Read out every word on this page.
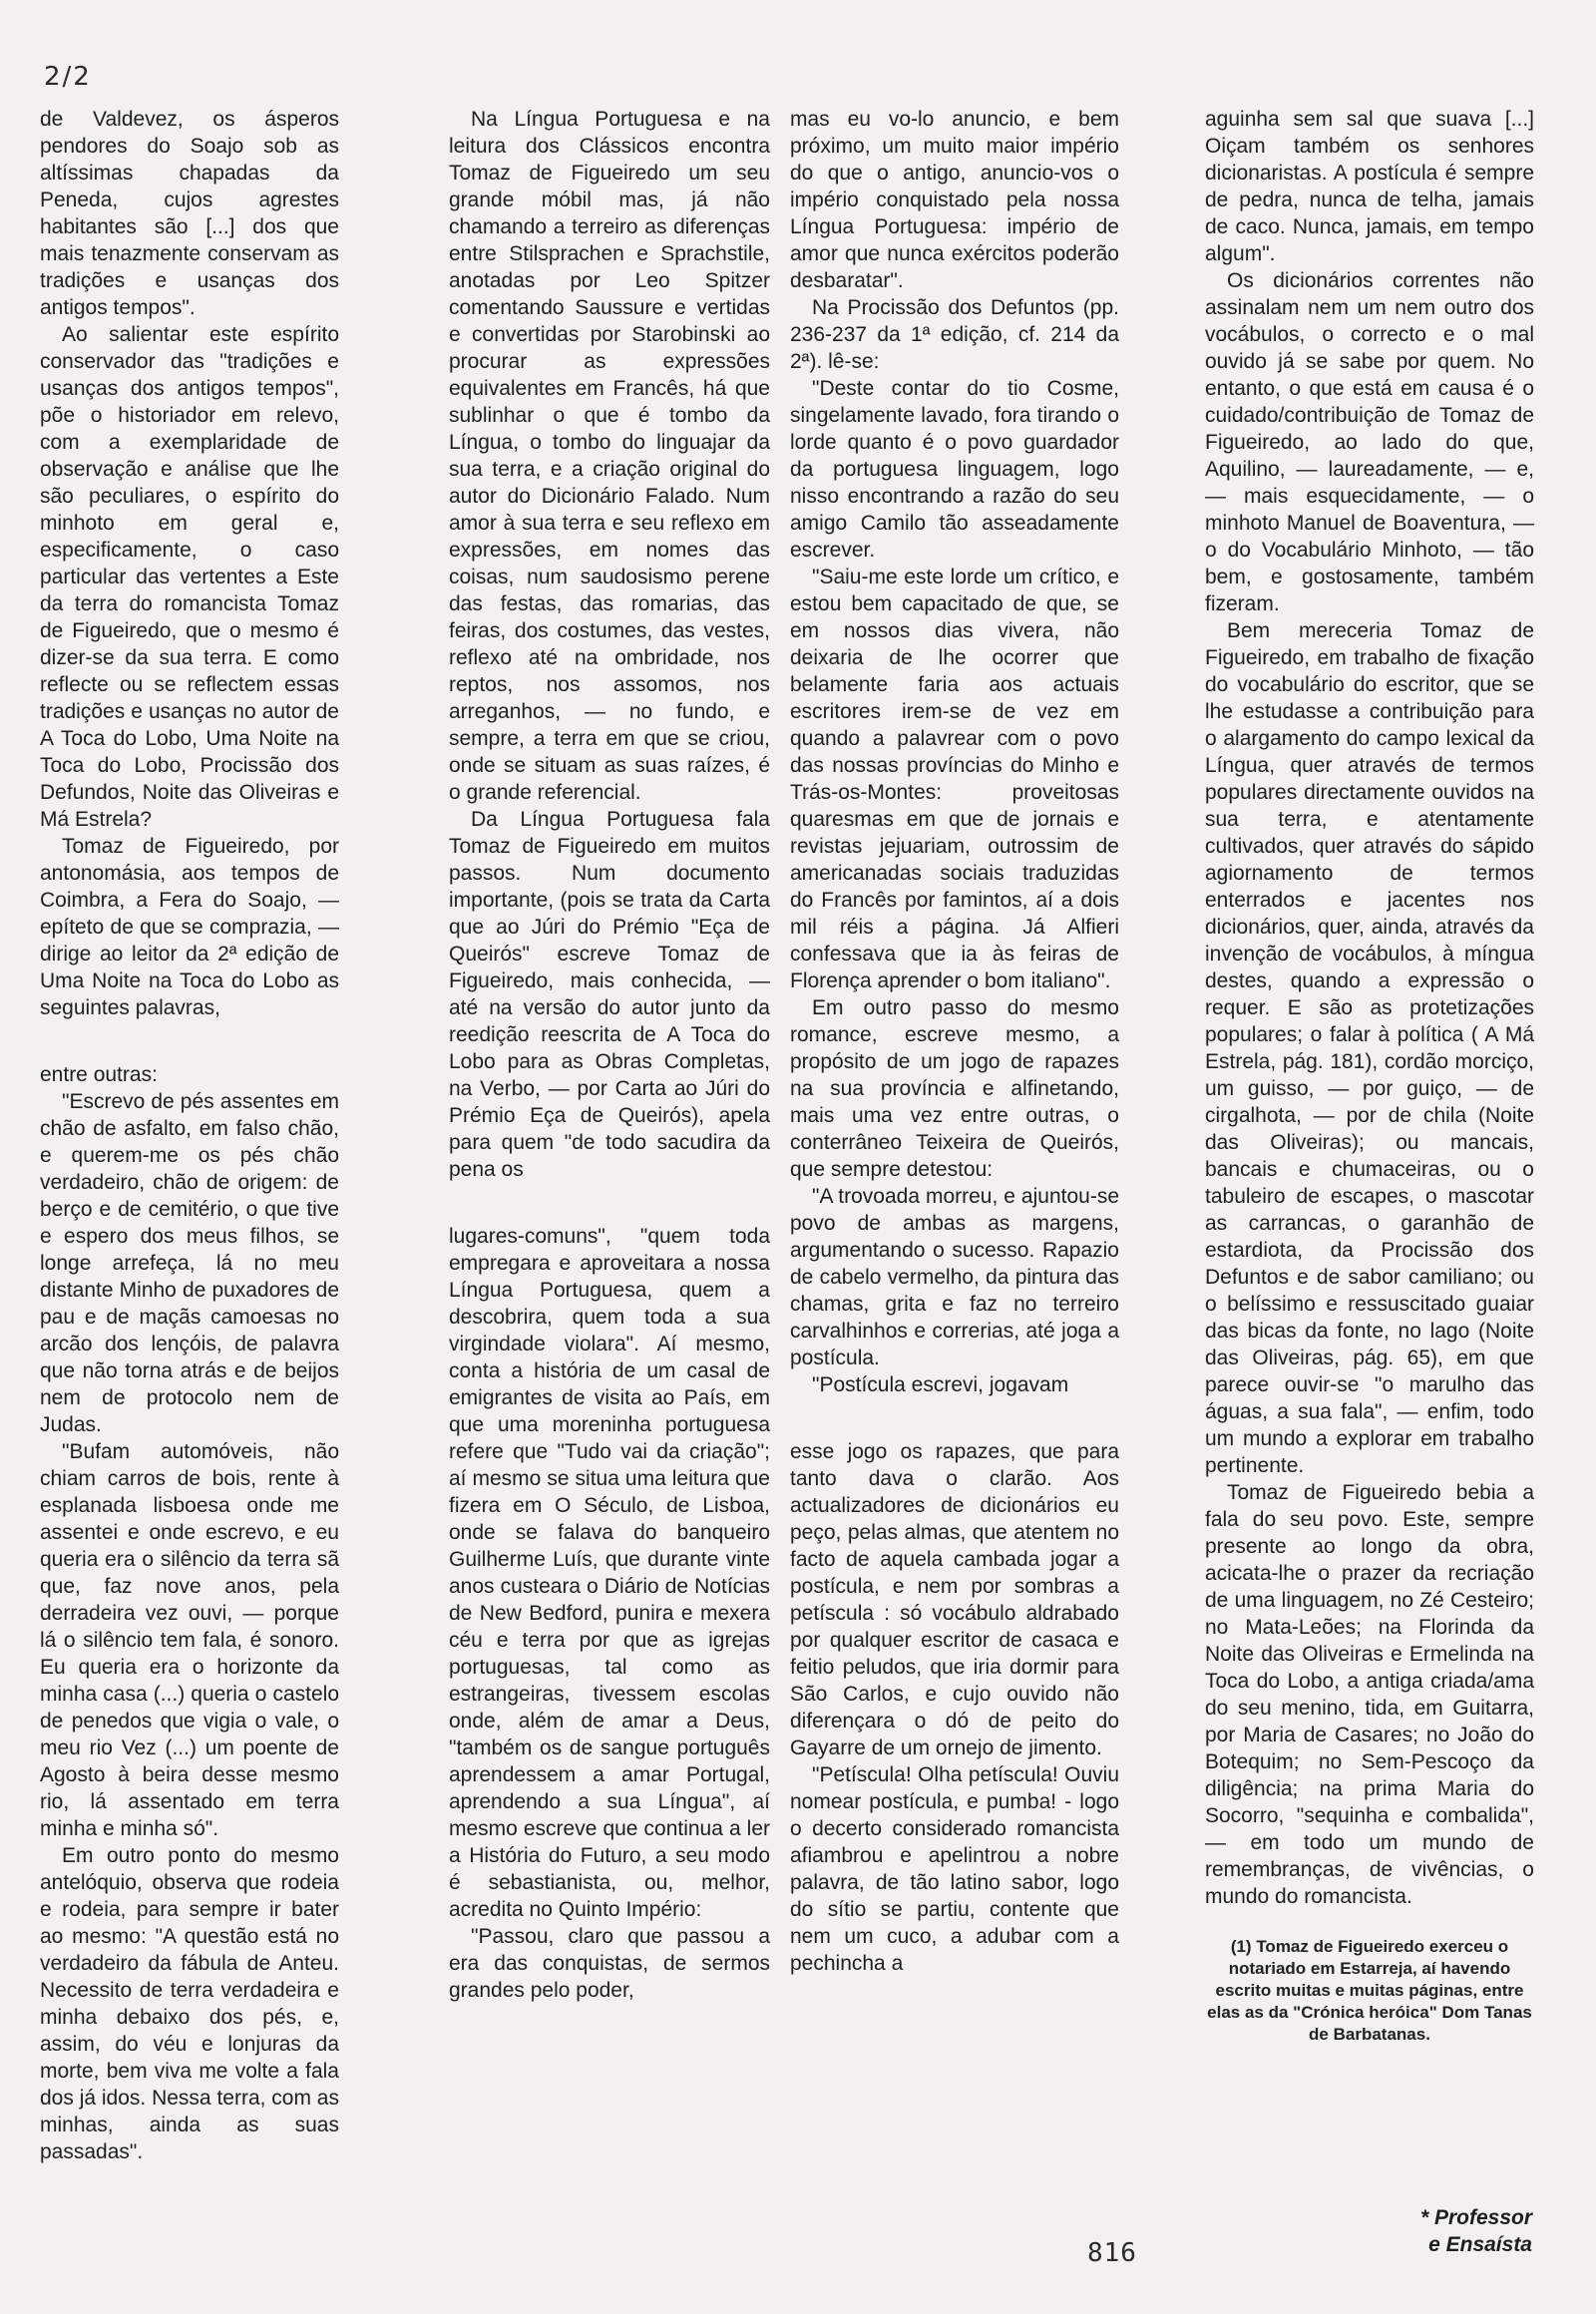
2/2

de Valdevez, os ásperos pendores do Soajo sob as altíssimas chapadas da Peneda, cujos agrestes habitantes são [...] dos que mais tenazmente conservam as tradições e usanças dos antigos tempos".

Ao salientar este espírito conservador das "tradições e usanças dos antigos tempos", põe o historiador em relevo, com a exemplaridade de observação e análise que lhe são peculiares, o espírito do minhoto em geral e, especificamente, o caso particular das vertentes a Este da terra do romancista Tomaz de Figueiredo, que o mesmo é dizer-se da sua terra. E como reflecte ou se reflectem essas tradições e usanças no autor de A Toca do Lobo, Uma Noite na Toca do Lobo, Procissão dos Defundos, Noite das Oliveiras e Má Estrela?

Tomaz de Figueiredo, por antonomásia, aos tempos de Coimbra, a Fera do Soajo, — epíteto de que se comprazia, — dirige ao leitor da 2ª edição de Uma Noite na Toca do Lobo as seguintes palavras,

entre outras:

"Escrevo de pés assentes em chão de asfalto, em falso chão, e querem-me os pés chão verdadeiro, chão de origem: de berço e de cemitério, o que tive e espero dos meus filhos, se longe arrefeça, lá no meu distante Minho de puxadores de pau e de maçãs camoesas no arcão dos lençóis, de palavra que não torna atrás e de beijos nem de protocolo nem de Judas.

"Bufam automóveis, não chiam carros de bois, rente à esplanada lisboesa onde me assentei e onde escrevo, e eu queria era o silêncio da terra sã que, faz nove anos, pela derradeira vez ouvi, — porque lá o silêncio tem fala, é sonoro. Eu queria era o horizonte da minha casa (...) queria o castelo de penedos que vigia o vale, o meu rio Vez (...) um poente de Agosto à beira desse mesmo rio, lá assentado em terra minha e minha só".

Em outro ponto do mesmo antelóquio, observa que rodeia e rodeia, para sempre ir bater ao mesmo: "A questão está no verdadeiro da fábula de Anteu. Necessito de terra verdadeira e minha debaixo dos pés, e, assim, do véu e lonjuras da morte, bem viva me volte a fala dos já idos. Nessa terra, com as minhas, ainda as suas passadas".

Na Língua Portuguesa e na leitura dos Clássicos encontra Tomaz de Figueiredo um seu grande móbil mas, já não chamando a terreiro as diferenças entre Stilsprachen e Sprachstile, anotadas por Leo Spitzer comentando Saussure e vertidas e convertidas por Starobinski ao procurar as expressões equivalentes em Francês, há que sublinhar o que é tombo da Língua, o tombo do linguajar da sua terra, e a criação original do autor do Dicionário Falado. Num amor à sua terra e seu reflexo em expressões, em nomes das coisas, num saudosismo perene das festas, das romarias, das feiras, dos costumes, das vestes, reflexo até na ombridade, nos reptos, nos assomos, nos arreganhos, — no fundo, e sempre, a terra em que se criou, onde se situam as suas raízes, é o grande referencial.

Da Língua Portuguesa fala Tomaz de Figueiredo em muitos passos. Num documento importante, (pois se trata da Carta que ao Júri do Prémio "Eça de Queirós" escreve Tomaz de Figueiredo, mais conhecida, — até na versão do autor junto da reedição reescrita de A Toca do Lobo para as Obras Completas, na Verbo, — por Carta ao Júri do Prémio Eça de Queirós), apela para quem "de todo sacudira da pena os

lugares-comuns", "quem toda empregara e aproveitara a nossa Língua Portuguesa, quem a descobrira, quem toda a sua virgindade violara". Aí mesmo, conta a história de um casal de emigrantes de visita ao País, em que uma moreninha portuguesa refere que "Tudo vai da criação"; aí mesmo se situa uma leitura que fizera em O Século, de Lisboa, onde se falava do banqueiro Guilherme Luís, que durante vinte anos custeara o Diário de Notícias de New Bedford, punira e mexera céu e terra por que as igrejas portuguesas, tal como as estrangeiras, tivessem escolas onde, além de amar a Deus, "também os de sangue português aprendessem a amar Portugal, aprendendo a sua Língua", aí mesmo escreve que continua a ler a História do Futuro, a seu modo é sebastianista, ou, melhor, acredita no Quinto Império:

"Passou, claro que passou a era das conquistas, de sermos grandes pelo poder,

mas eu vo-lo anuncio, e bem próximo, um muito maior império do que o antigo, anuncio-vos o império conquistado pela nossa Língua Portuguesa: império de amor que nunca exércitos poderão desbaratar".

Na Procissão dos Defuntos (pp. 236-237 da 1ª edição, cf. 214 da 2ª). lê-se:

"Deste contar do tio Cosme, singelamente lavado, fora tirando o lorde quanto é o povo guardador da portuguesa linguagem, logo nisso encontrando a razão do seu amigo Camilo tão asseadamente escrever.

"Saiu-me este lorde um crítico, e estou bem capacitado de que, se em nossos dias vivera, não deixaria de lhe ocorrer que belamente faria aos actuais escritores irem-se de vez em quando a palavrear com o povo das nossas províncias do Minho e Trás-os-Montes: proveitosas quaresmas em que de jornais e revistas jejuariam, outrossim de americanadas sociais traduzidas do Francês por famintos, aí a dois mil réis a página. Já Alfieri confessava que ia às feiras de Florença aprender o bom italiano".

Em outro passo do mesmo romance, escreve mesmo, a propósito de um jogo de rapazes na sua província e alfinetando, mais uma vez entre outras, o conterrâneo Teixeira de Queirós, que sempre detestou:

"A trovoada morreu, e ajuntou-se povo de ambas as margens, argumentando o sucesso. Rapazio de cabelo vermelho, da pintura das chamas, grita e faz no terreiro carvalhinhos e correrias, até joga a postícula.

"Postícula escrevi, jogavam

esse jogo os rapazes, que para tanto dava o clarão. Aos actualizadores de dicionários eu peço, pelas almas, que atentem no facto de aquela cambada jogar a postícula, e nem por sombras a petíscula : só vocábulo aldrabado por qualquer escritor de casaca e feitio peludos, que iria dormir para São Carlos, e cujo ouvido não diferençara o dó de peito do Gayarre de um ornejo de jimento.

"Petíscula! Olha petíscula! Ouviu nomear postícula, e pumba! - logo o decerto considerado romancista afiambrou e apelintrou a nobre palavra, de tão latino sabor, logo do sítio se partiu, contente que nem um cuco, a adubar com a pechincha a

aguinha sem sal que suava [...] Oiçam também os senhores dicionaristas. A postícula é sempre de pedra, nunca de telha, jamais de caco. Nunca, jamais, em tempo algum".

Os dicionários correntes não assinalam nem um nem outro dos vocábulos, o correcto e o mal ouvido já se sabe por quem. No entanto, o que está em causa é o cuidado/contribuição de Tomaz de Figueiredo, ao lado do que, Aquilino, — laureadamente, — e, — mais esquecidamente, — o minhoto Manuel de Boaventura, — o do Vocabulário Minhoto, — tão bem, e gostosamente, também fizeram.

Bem mereceria Tomaz de Figueiredo, em trabalho de fixação do vocabulário do escritor, que se lhe estudasse a contribuição para o alargamento do campo lexical da Língua, quer através de termos populares directamente ouvidos na sua terra, e atentamente cultivados, quer através do sápido agiornamento de termos enterrados e jacentes nos dicionários, quer, ainda, através da invenção de vocábulos, à míngua destes, quando a expressão o requer. E são as protetizações populares; o falar à política ( A Má Estrela, pág. 181), cordão morciço, um guisso, — por guiço, — de cirgalhota, — por de chila (Noite das Oliveiras); ou mancais, bancais e chumaceiras, ou o tabuleiro de escapes, o mascotar as carrancas, o garanhão de estardiota, da Procissão dos Defuntos e de sabor camiliano; ou o belíssimo e ressuscitado guaiar das bicas da fonte, no lago (Noite das Oliveiras, pág. 65), em que parece ouvir-se "o marulho das águas, a sua fala", — enfim, todo um mundo a explorar em trabalho pertinente.

Tomaz de Figueiredo bebia a fala do seu povo. Este, sempre presente ao longo da obra, acicata-lhe o prazer da recriação de uma linguagem, no Zé Cesteiro; no Mata-Leões; na Florinda da Noite das Oliveiras e Ermelinda na Toca do Lobo, a antiga criada/ama do seu menino, tida, em Guitarra, por Maria de Casares; no João do Botequim; no Sem-Pescoço da diligência; na prima Maria do Socorro, "sequinha e combalida", — em todo um mundo de remembranças, de vivências, o mundo do romancista.

(1) Tomaz de Figueiredo exerceu o notariado em Estarreja, aí havendo escrito muitas e muitas páginas, entre elas as da "Crónica heróica" Dom Tanas de Barbatanas.
* Professor
e Ensaísta
816
